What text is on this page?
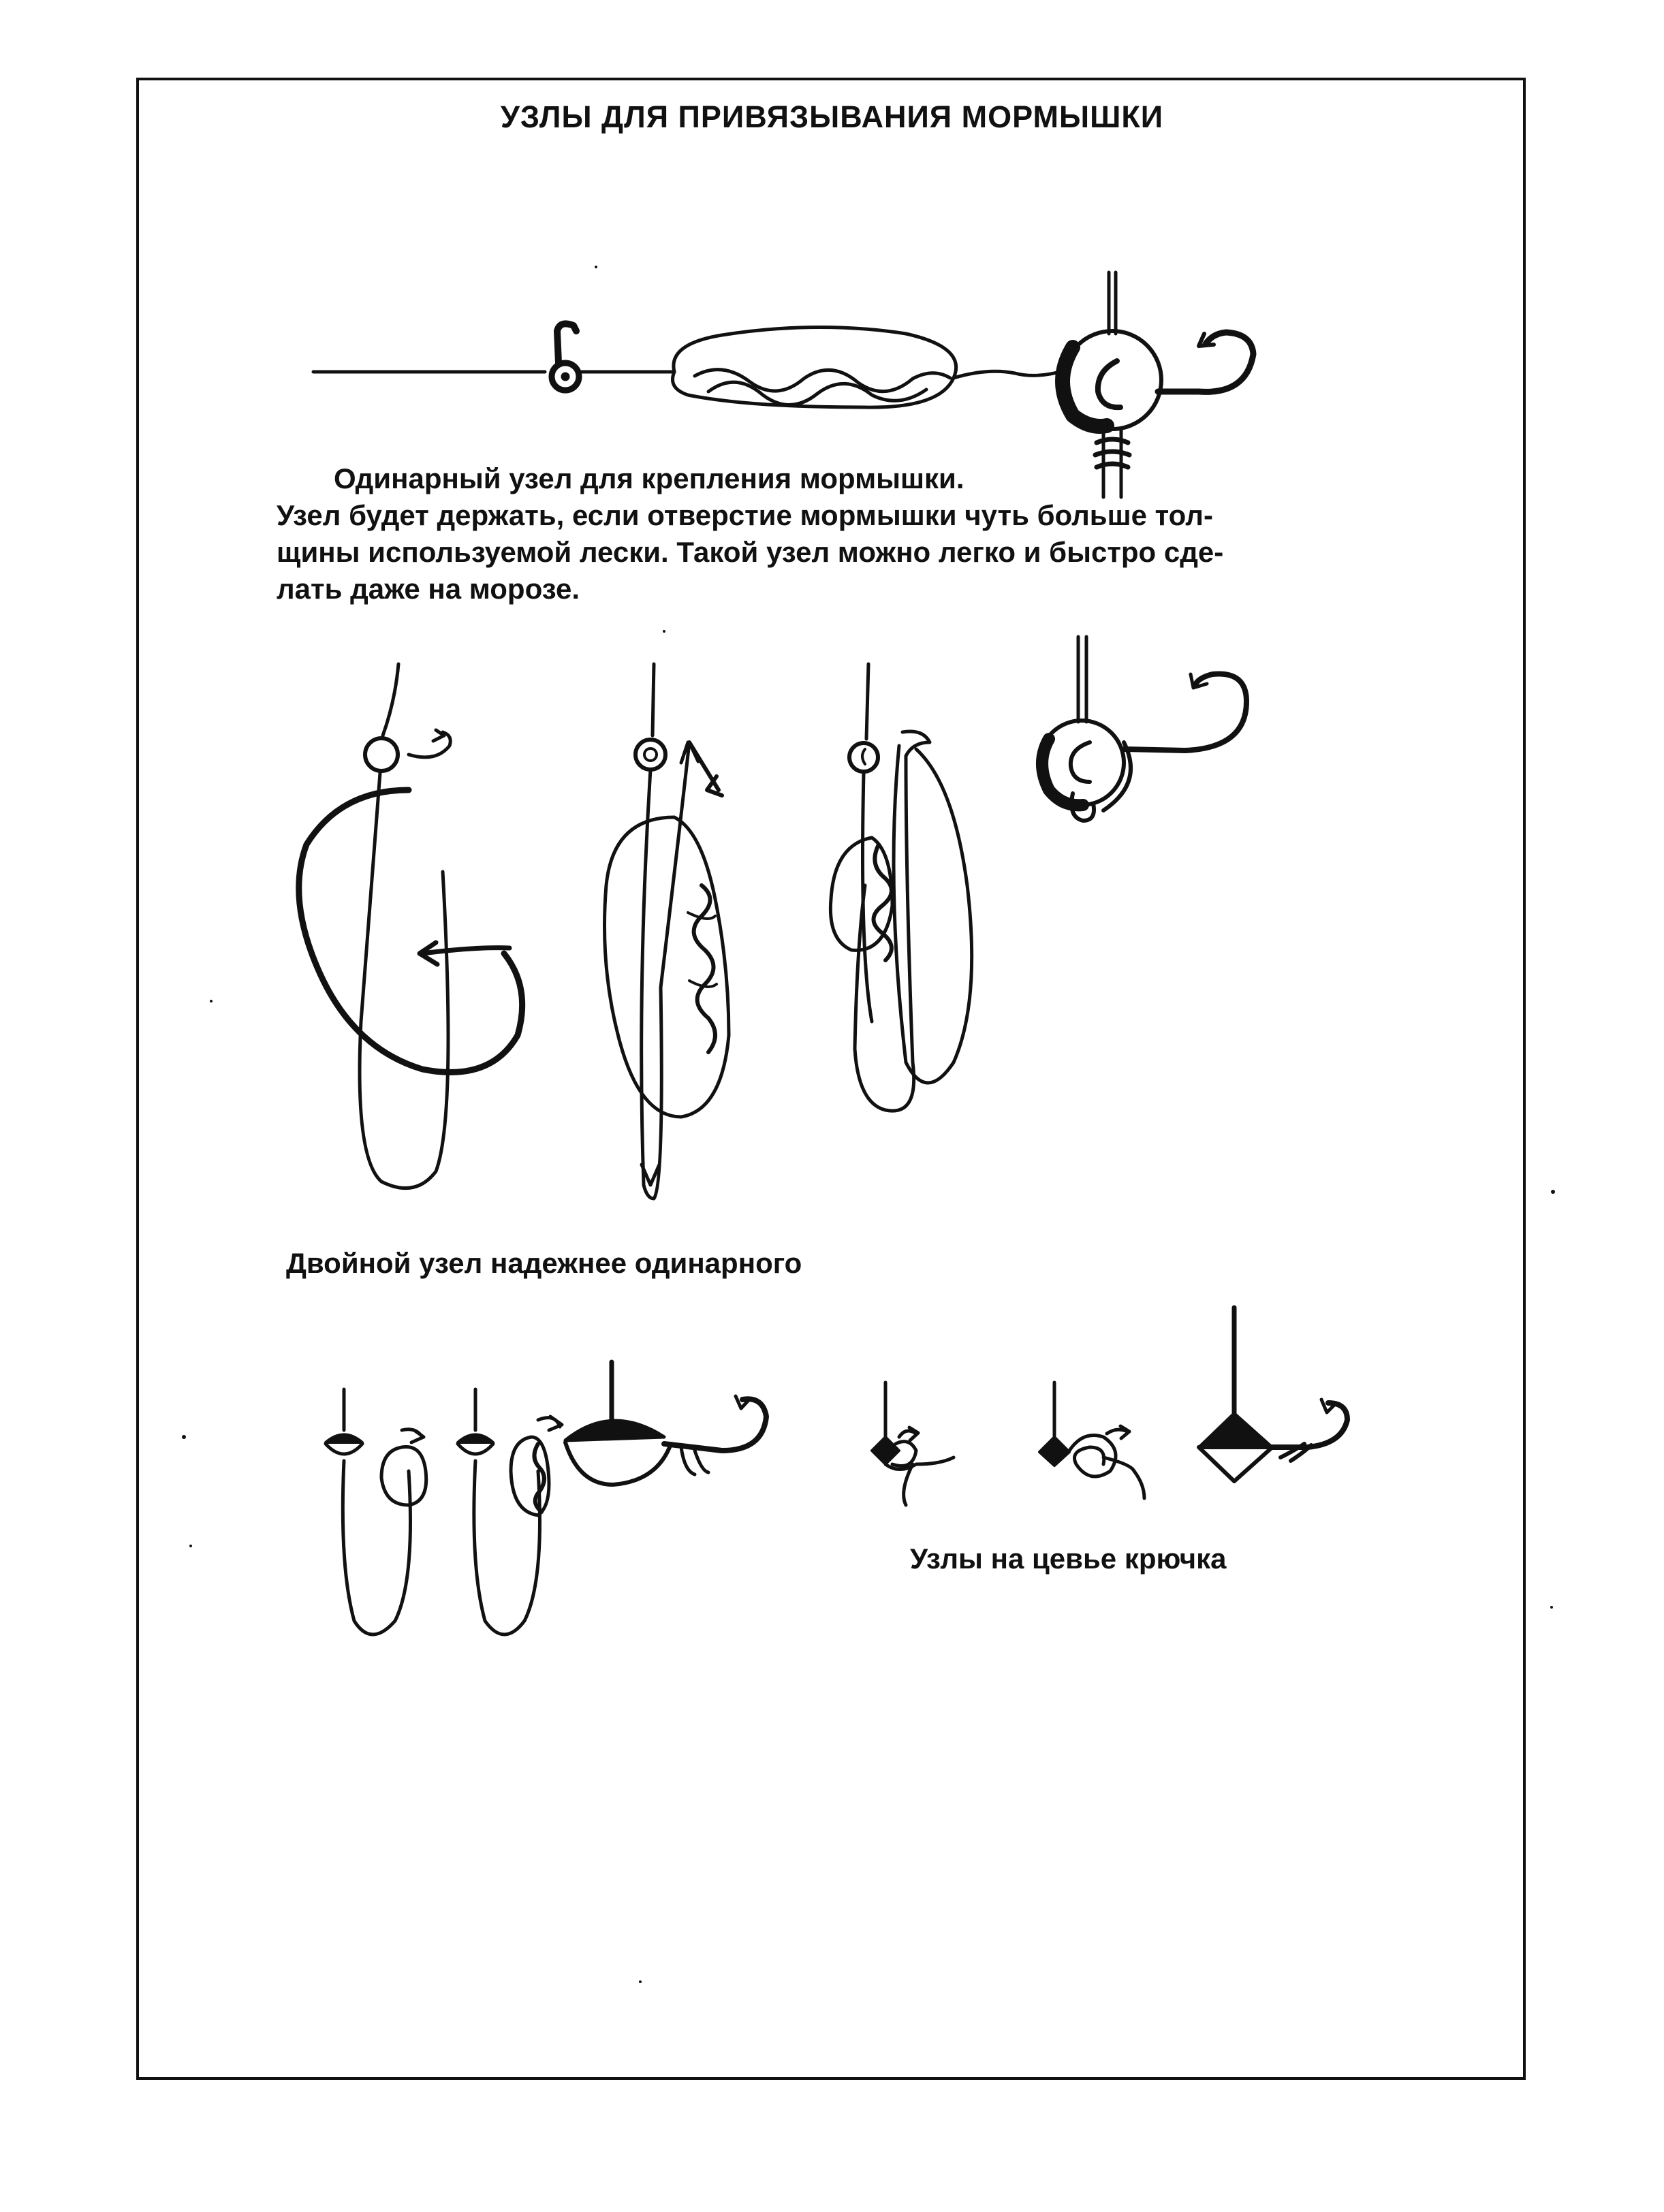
УЗЛЫ ДЛЯ ПРИВЯЗЫВАНИЯ МОРМЫШКИ
Одинарный узел для крепления мормышки.
Узел будет держать, если отверстие мормышки чуть больше тол-
щины используемой лески. Такой узел можно легко и быстро сде-
лать даже на морозе.
Двойной узел надежнее одинарного
Узлы на цевье крючка
